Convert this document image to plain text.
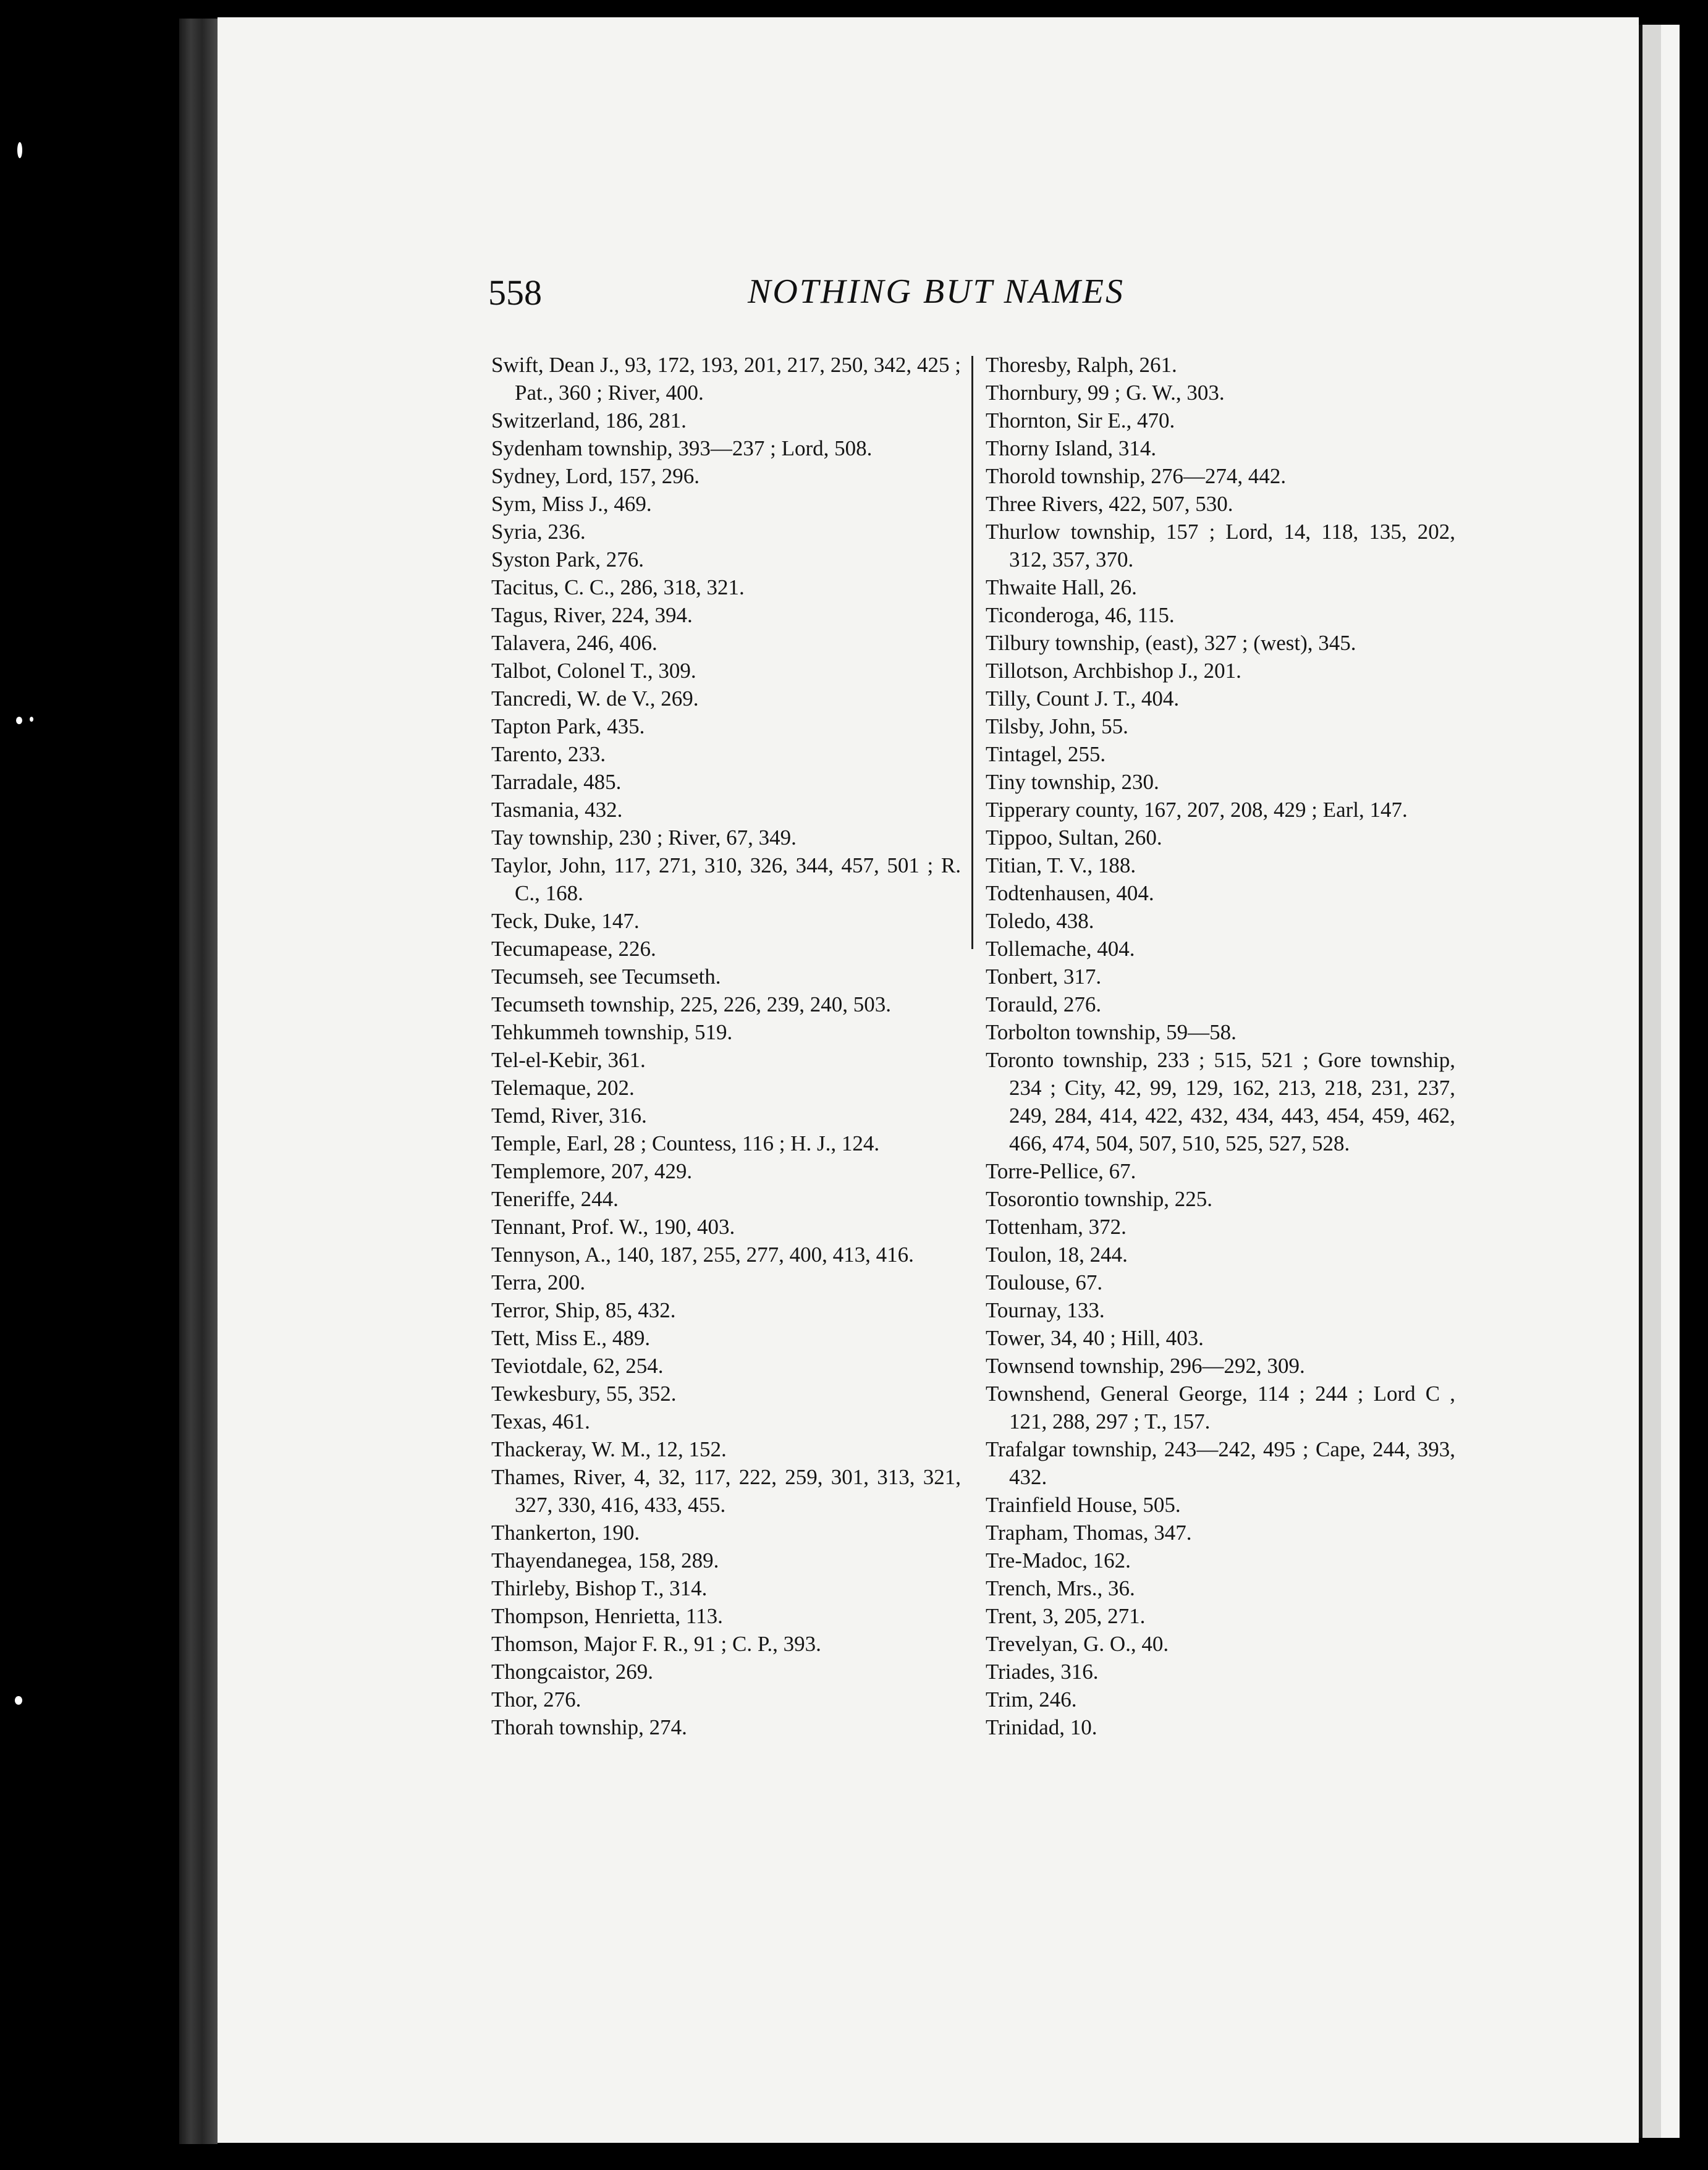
558	NOTHING BUT NAMES
Swift, Dean J., 93, 172, 193, 201, 217, 250, 342, 425 ; Pat., 360 ; River, 400.
Switzerland, 186, 281.
Sydenham township, 393—237 ; Lord, 508.
Sydney, Lord, 157, 296.
Sym, Miss J., 469.
Syria, 236.
Syston Park, 276.
Tacitus, C. C., 286, 318, 321.
Tagus, River, 224, 394.
Talavera, 246, 406.
Talbot, Colonel T., 309.
Tancredi, W. de V., 269.
Tapton Park, 435.
Tarento, 233.
Tarradale, 485.
Tasmania, 432.
Tay township, 230 ; River, 67, 349.
Taylor, John, 117, 271, 310, 326, 344, 457, 501 ; R. C., 168.
Teck, Duke, 147.
Tecumapease, 226.
Tecumseh, see Tecumseth.
Tecumseth township, 225, 226, 239, 240, 503.
Tehkummeh township, 519.
Tel-el-Kebir, 361.
Telemaque, 202.
Temd, River, 316.
Temple, Earl, 28 ; Countess, 116 ; H. J., 124.
Templemore, 207, 429.
Teneriffe, 244.
Tennant, Prof. W., 190, 403.
Tennyson, A., 140, 187, 255, 277, 400, 413, 416.
Terra, 200.
Terror, Ship, 85, 432.
Tett, Miss E., 489.
Teviotdale, 62, 254.
Tewkesbury, 55, 352.
Texas, 461.
Thackeray, W. M., 12, 152.
Thames, River, 4, 32, 117, 222, 259, 301, 313, 321, 327, 330, 416, 433, 455.
Thankerton, 190.
Thayendanegea, 158, 289.
Thirleby, Bishop T., 314.
Thompson, Henrietta, 113.
Thomson, Major F. R., 91 ; C. P., 393.
Thongcaistor, 269.
Thor, 276.
Thorah township, 274.
Thoresby, Ralph, 261.
Thornbury, 99 ; G. W., 303.
Thornton, Sir E., 470.
Thorny Island, 314.
Thorold township, 276—274, 442.
Three Rivers, 422, 507, 530.
Thurlow township, 157 ; Lord, 14, 118, 135, 202, 312, 357, 370.
Thwaite Hall, 26.
Ticonderoga, 46, 115.
Tilbury township, (east), 327 ; (west), 345.
Tillotson, Archbishop J., 201.
Tilly, Count J. T., 404.
Tilsby, John, 55.
Tintagel, 255.
Tiny township, 230.
Tipperary county, 167, 207, 208, 429 ; Earl, 147.
Tippoo, Sultan, 260.
Titian, T. V., 188.
Todtenhausen, 404.
Toledo, 438.
Tollemache, 404.
Tonbert, 317.
Torauld, 276.
Torbolton township, 59—58.
Toronto township, 233 ; 515, 521 ; Gore township, 234 ; City, 42, 99, 129, 162, 213, 218, 231, 237, 249, 284, 414, 422, 432, 434, 443, 454, 459, 462, 466, 474, 504, 507, 510, 525, 527, 528.
Torre-Pellice, 67.
Tosorontio township, 225.
Tottenham, 372.
Toulon, 18, 244.
Toulouse, 67.
Tournay, 133.
Tower, 34, 40 ; Hill, 403.
Townsend township, 296—292, 309.
Townshend, General George, 114 ; 244 ; Lord C , 121, 288, 297 ; T., 157.
Trafalgar township, 243—242, 495 ; Cape, 244, 393, 432.
Trainfield House, 505.
Trapham, Thomas, 347.
Tre-Madoc, 162.
Trench, Mrs., 36.
Trent, 3, 205, 271.
Trevelyan, G. O., 40.
Triades, 316.
Trim, 246.
Trinidad, 10.
